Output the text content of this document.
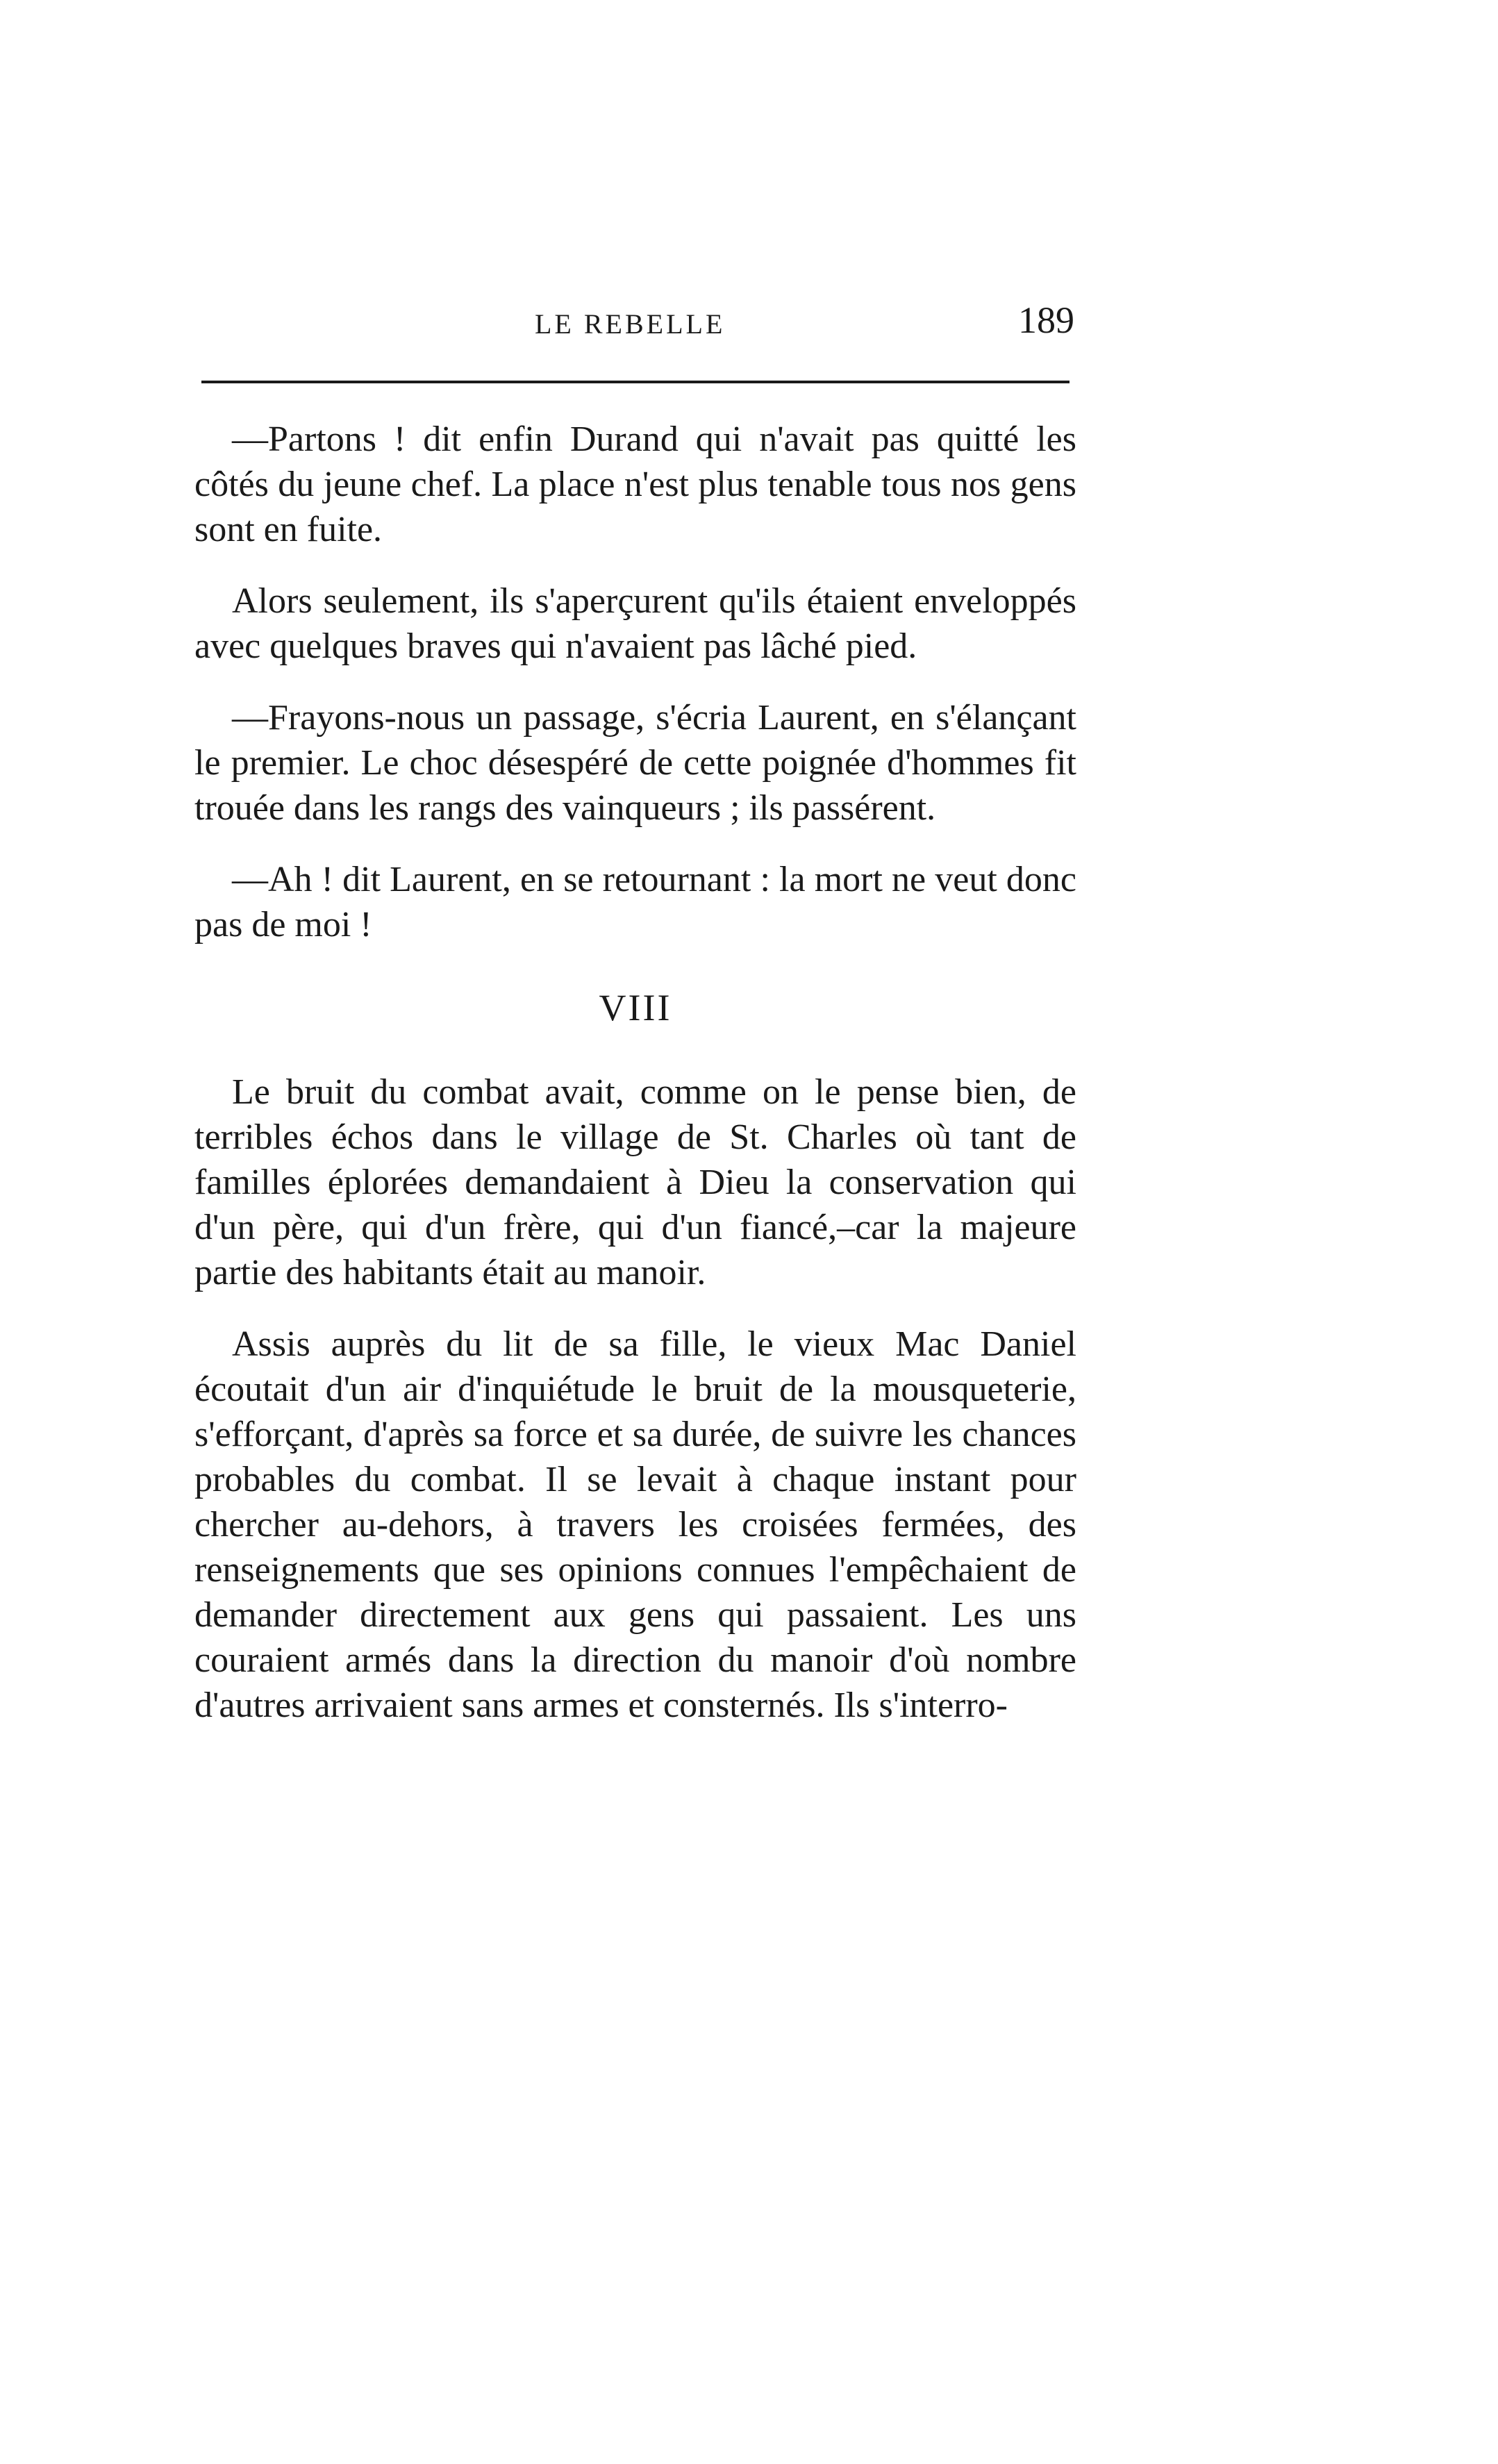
LE REBELLE	189

—Partons ! dit enfin Durand qui n'avait pas quitté les côtés du jeune chef. La place n'est plus tenable tous nos gens sont en fuite.

Alors seulement, ils s'aperçurent qu'ils étaient enveloppés avec quelques braves qui n'avaient pas lâché pied.

—Frayons-nous un passage, s'écria Laurent, en s'élançant le premier. Le choc désespéré de cette poignée d'hommes fit trouée dans les rangs des vainqueurs ; ils passérent.

—Ah ! dit Laurent, en se retournant : la mort ne veut donc pas de moi !

VIII

Le bruit du combat avait, comme on le pense bien, de terribles échos dans le village de St. Charles où tant de familles éplorées demandaient à Dieu la conservation qui d'un père, qui d'un frère, qui d'un fiancé,–car la majeure partie des habitants était au manoir.

Assis auprès du lit de sa fille, le vieux Mac Daniel écoutait d'un air d'inquiétude le bruit de la mousqueterie, s'efforçant, d'après sa force et sa durée, de suivre les chances probables du combat. Il se levait à chaque instant pour chercher au-dehors, à travers les croisées fermées, des renseignements que ses opinions connues l'empêchaient de demander directement aux gens qui passaient. Les uns couraient armés dans la direction du manoir d'où nombre d'autres arrivaient sans armes et consternés. Ils s'interro-
